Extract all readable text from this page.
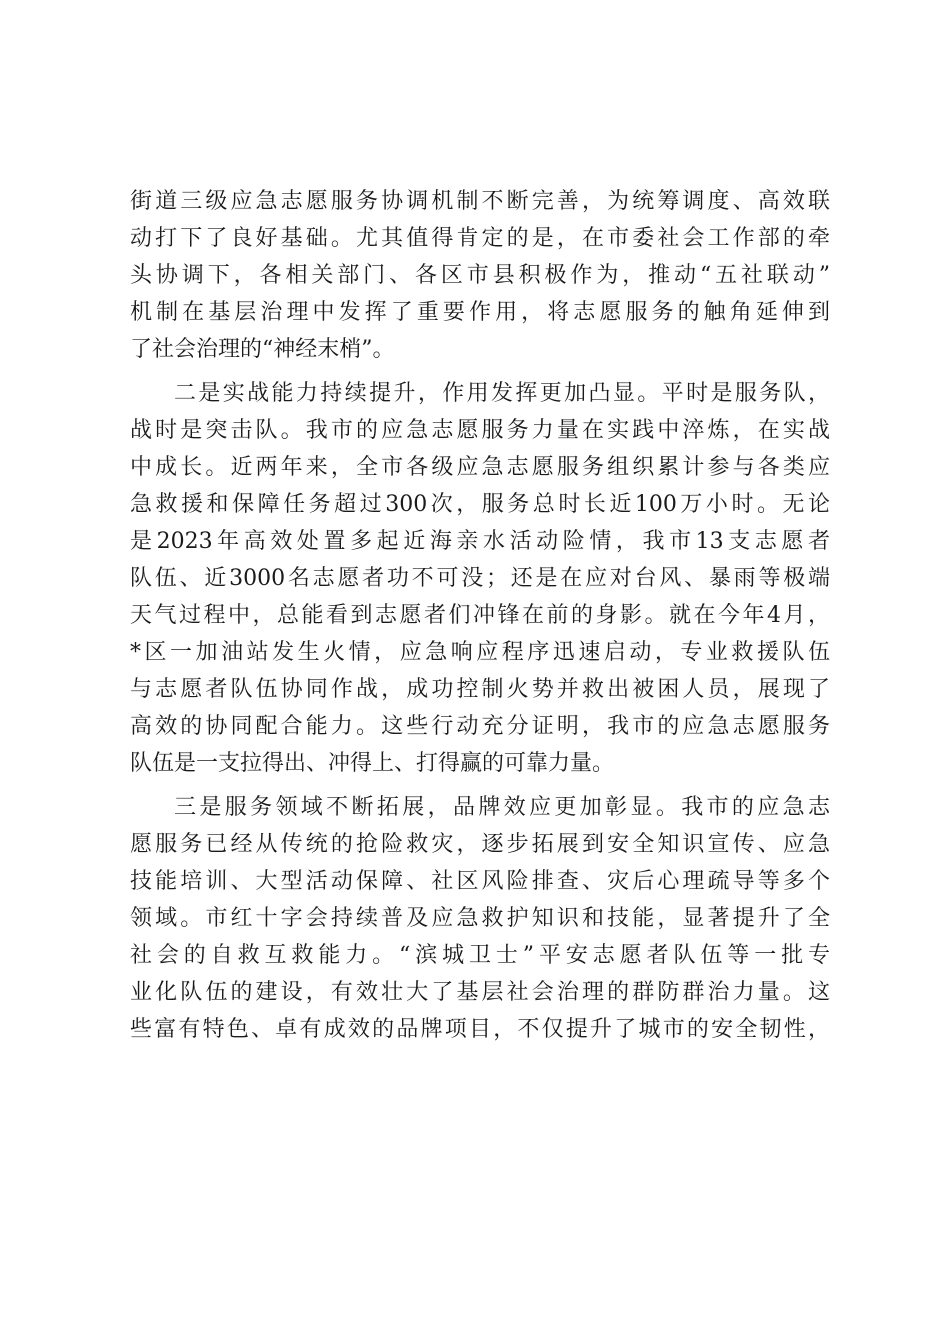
街道三级应急志愿服务协调机制不断完善，为统筹调度、高效联
动打下了良好基础。尤其值得肯定的是，在市委社会工作部的牵
头协调下，各相关部门、各区市县积极作为，推动“五社联动”
机制在基层治理中发挥了重要作用，将志愿服务的触角延伸到
了社会治理的“神经末梢”。
二是实战能力持续提升，作用发挥更加凸显。平时是服务队，
战时是突击队。我市的应急志愿服务力量在实践中淬炼，在实战
中成长。近两年来，全市各级应急志愿服务组织累计参与各类应
急救援和保障任务超过300次，服务总时长近100万小时。无论
是2023年高效处置多起近海亲水活动险情，我市13支志愿者
队伍、近3000名志愿者功不可没；还是在应对台风、暴雨等极端
天气过程中，总能看到志愿者们冲锋在前的身影。就在今年4月，
*区一加油站发生火情，应急响应程序迅速启动，专业救援队伍
与志愿者队伍协同作战，成功控制火势并救出被困人员，展现了
高效的协同配合能力。这些行动充分证明，我市的应急志愿服务
队伍是一支拉得出、冲得上、打得赢的可靠力量。
三是服务领域不断拓展，品牌效应更加彰显。我市的应急志
愿服务已经从传统的抢险救灾，逐步拓展到安全知识宣传、应急
技能培训、大型活动保障、社区风险排查、灾后心理疏导等多个
领域。市红十字会持续普及应急救护知识和技能，显著提升了全
社会的自救互救能力。“滨城卫士”平安志愿者队伍等一批专
业化队伍的建设，有效壮大了基层社会治理的群防群治力量。这
些富有特色、卓有成效的品牌项目，不仅提升了城市的安全韧性，
